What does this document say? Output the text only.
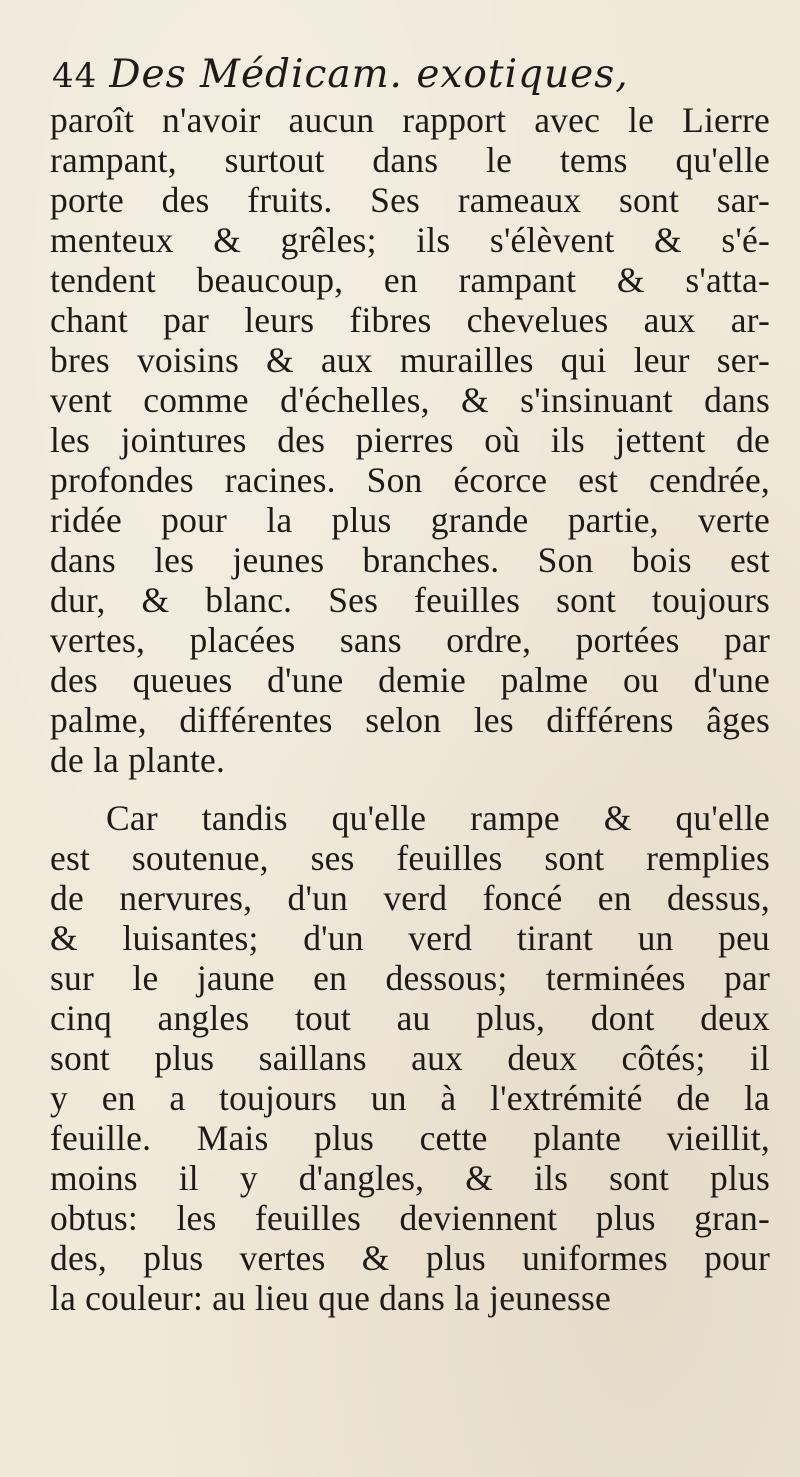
44 Des Médicam. exotiques,
paroît n'avoir aucun rapport avec le Lierre
rampant, surtout dans le tems qu'elle
porte des fruits. Ses rameaux sont sar-
menteux & grêles; ils s'élèvent & s'é-
tendent beaucoup, en rampant & s'atta-
chant par leurs fibres chevelues aux ar-
bres voisins & aux murailles qui leur ser-
vent comme d'échelles, & s'insinuant dans
les jointures des pierres où ils jettent de
profondes racines. Son écorce est cendrée,
ridée pour la plus grande partie, verte
dans les jeunes branches. Son bois est
dur, & blanc. Ses feuilles sont toujours
vertes, placées sans ordre, portées par
des queues d'une demie palme ou d'une
palme, différentes selon les différens âges
de la plante.
Car tandis qu'elle rampe & qu'elle
est soutenue, ses feuilles sont remplies
de nervures, d'un verd foncé en dessus,
& luisantes; d'un verd tirant un peu
sur le jaune en dessous; terminées par
cinq angles tout au plus, dont deux
sont plus saillans aux deux côtés; il
y en a toujours un à l'extrémité de la
feuille. Mais plus cette plante vieillit,
moins il y d'angles, & ils sont plus
obtus: les feuilles deviennent plus gran-
des, plus vertes & plus uniformes pour
la couleur: au lieu que dans la jeunesse
